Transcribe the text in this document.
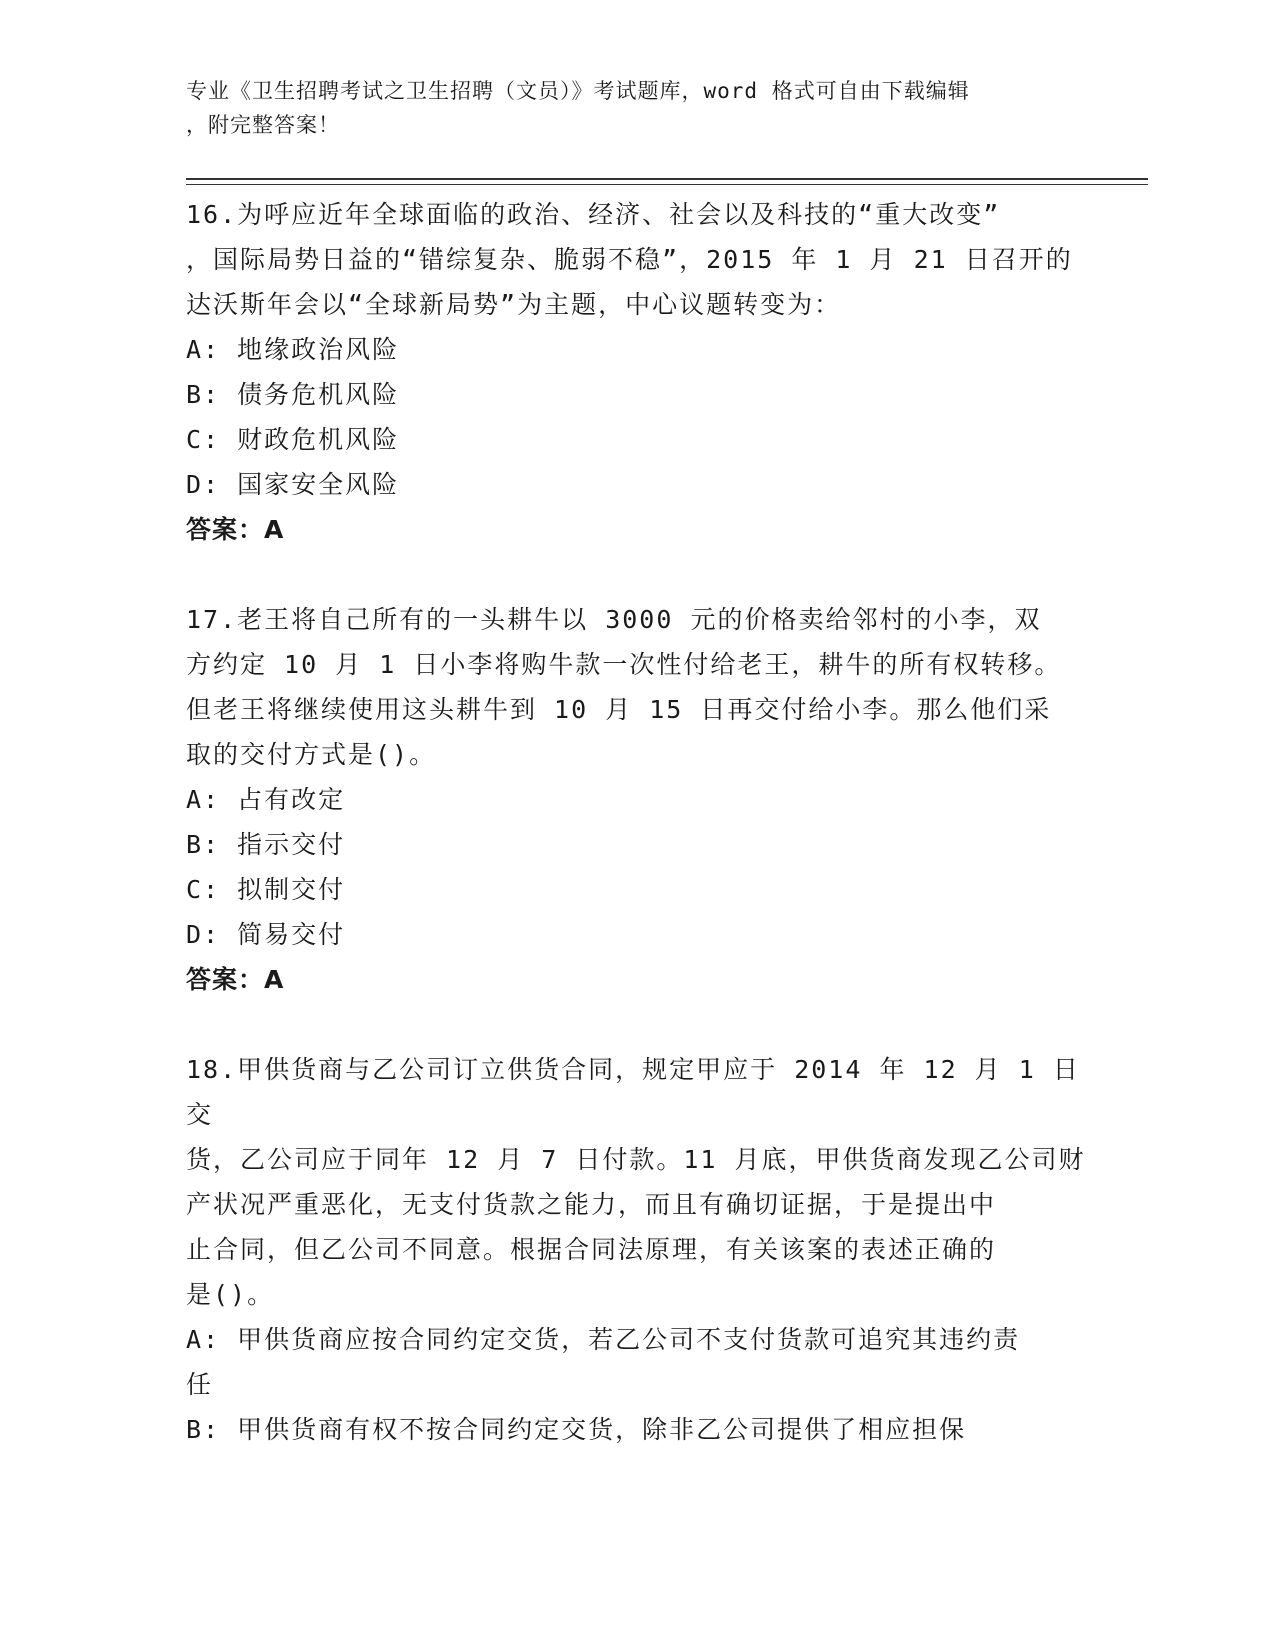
专业《卫生招聘考试之卫生招聘（文员）》考试题库，word 格式可自由下载编辑
，附完整答案！
16.为呼应近年全球面临的政治、经济、社会以及科技的“重大改变”
，国际局势日益的“错综复杂、脆弱不稳”，2015 年 1 月 21 日召开的
达沃斯年会以“全球新局势”为主题，中心议题转变为：
A: 地缘政治风险
B: 债务危机风险
C: 财政危机风险
D: 国家安全风险
答案：A
17.老王将自己所有的一头耕牛以 3000 元的价格卖给邻村的小李，双
方约定 10 月 1 日小李将购牛款一次性付给老王，耕牛的所有权转移。
但老王将继续使用这头耕牛到 10 月 15 日再交付给小李。那么他们采
取的交付方式是()。
A: 占有改定
B: 指示交付
C: 拟制交付
D: 简易交付
答案：A
18.甲供货商与乙公司订立供货合同，规定甲应于 2014 年 12 月 1 日交
货，乙公司应于同年 12 月 7 日付款。11 月底，甲供货商发现乙公司财
产状况严重恶化，无支付货款之能力，而且有确切证据，于是提出中
止合同，但乙公司不同意。根据合同法原理，有关该案的表述正确的
是()。
A: 甲供货商应按合同约定交货，若乙公司不支付货款可追究其违约责
任
B: 甲供货商有权不按合同约定交货，除非乙公司提供了相应担保
